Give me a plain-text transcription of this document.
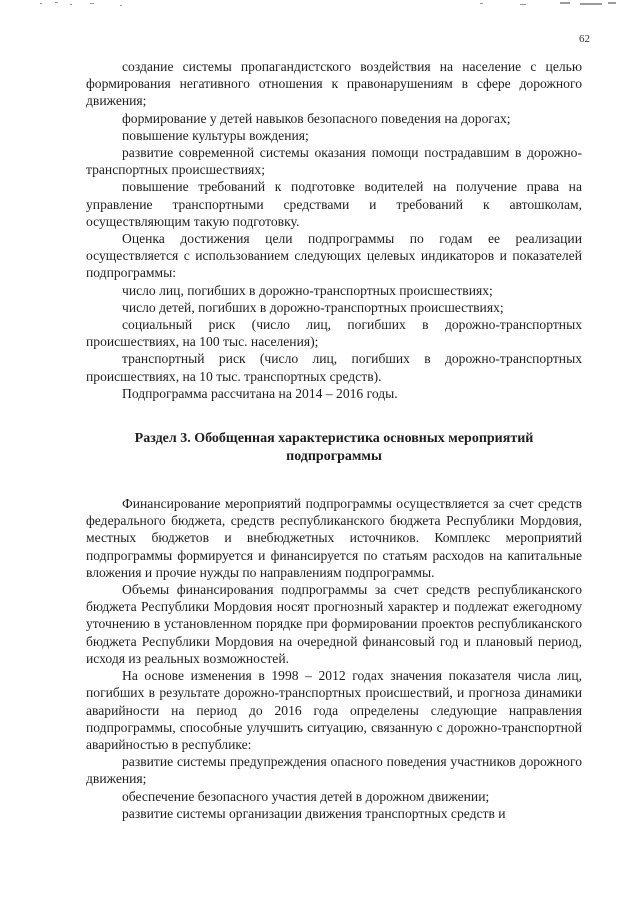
62

создание системы пропагандистского воздействия на население с целью формирования негативного отношения к правонарушениям в сфере дорожного движения;

формирование у детей навыков безопасного поведения на дорогах;

повышение культуры вождения;

развитие современной системы оказания помощи пострадавшим в дорожно-транспортных происшествиях;

повышение требований к подготовке водителей на получение права на управление транспортными средствами и требований к автошколам, осуществляющим такую подготовку.

Оценка достижения цели подпрограммы по годам ее реализации осуществляется с использованием следующих целевых индикаторов и показателей подпрограммы:

число лиц, погибших в дорожно-транспортных происшествиях;

число детей, погибших в дорожно-транспортных происшествиях;

социальный риск (число лиц, погибших в дорожно-транспортных происшествиях, на 100 тыс. населения);

транспортный риск (число лиц, погибших в дорожно-транспортных происшествиях, на 10 тыс. транспортных средств).

Подпрограмма рассчитана на 2014 – 2016 годы.

Раздел 3. Обобщенная характеристика основных мероприятий подпрограммы

Финансирование мероприятий подпрограммы осуществляется за счет средств федерального бюджета, средств республиканского бюджета Республики Мордовия, местных бюджетов и внебюджетных источников. Комплекс мероприятий подпрограммы формируется и финансируется по статьям расходов на капитальные вложения и прочие нужды по направлениям подпрограммы.

Объемы финансирования подпрограммы за счет средств республиканского бюджета Республики Мордовия носят прогнозный характер и подлежат ежегодному уточнению в установленном порядке при формировании проектов республиканского бюджета Республики Мордовия на очередной финансовый год и плановый период, исходя из реальных возможностей.

На основе изменения в 1998 – 2012 годах значения показателя числа лиц, погибших в результате дорожно-транспортных происшествий, и прогноза динамики аварийности на период до 2016 года определены следующие направления подпрограммы, способные улучшить ситуацию, связанную с дорожно-транспортной аварийностью в республике:

развитие системы предупреждения опасного поведения участников дорожного движения;

обеспечение безопасного участия детей в дорожном движении;

развитие системы организации движения транспортных средств и
